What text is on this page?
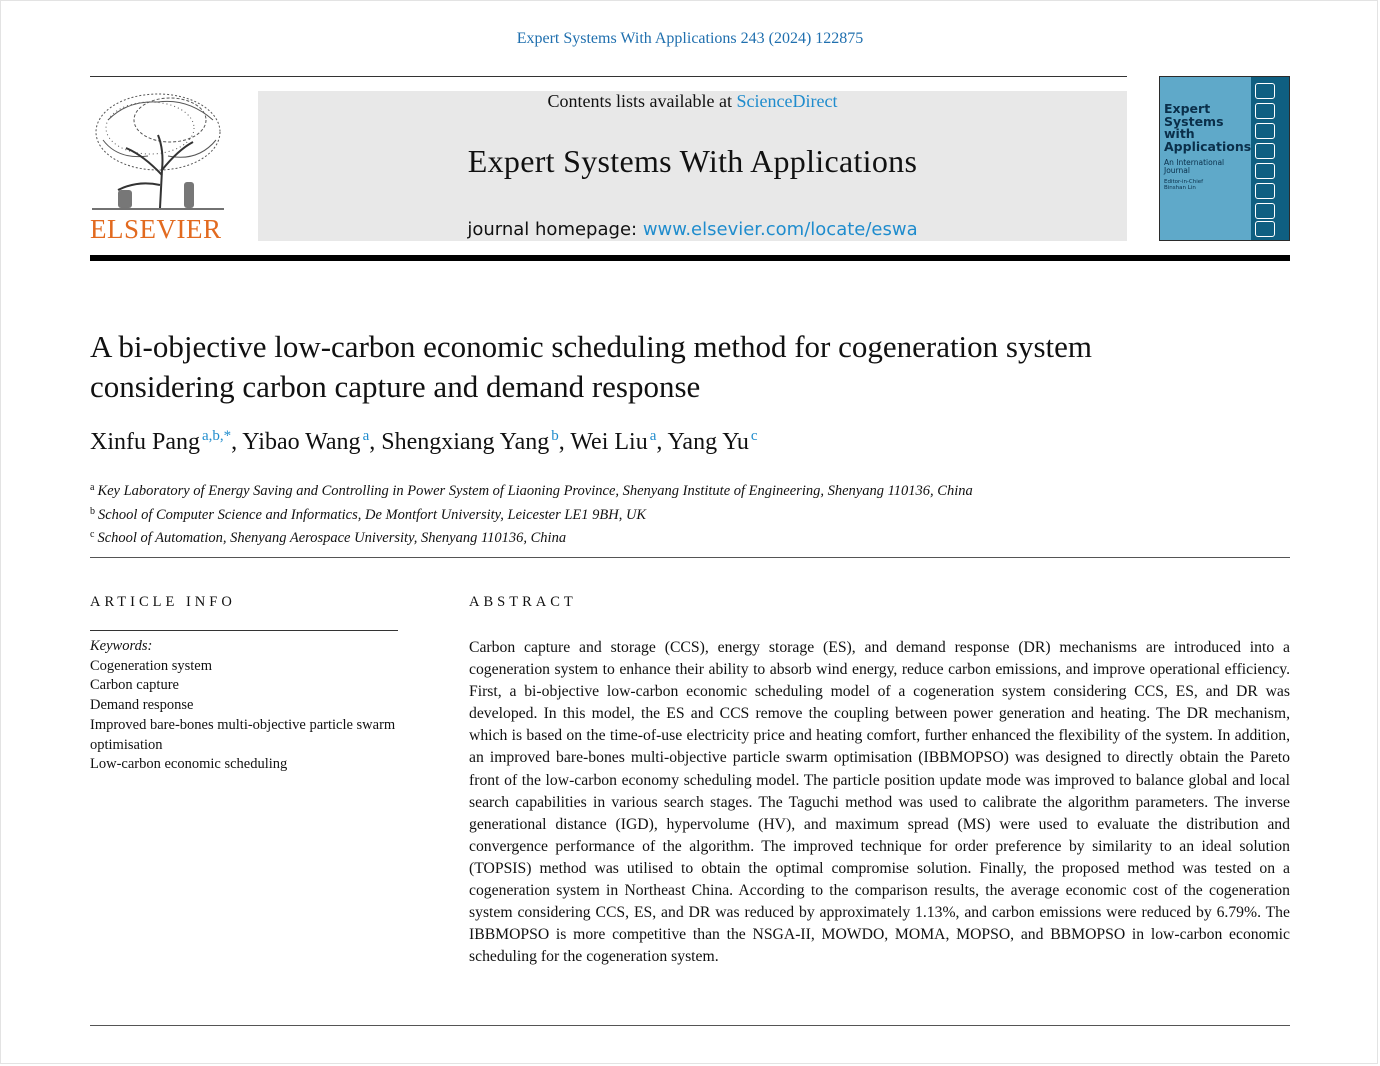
Expert Systems With Applications 243 (2024) 122875
ELSEVIER
Contents lists available at ScienceDirect
Expert Systems With Applications
journal homepage: www.elsevier.com/locate/eswa
Expert
Systems
with
Applications
An International
Journal
Editor-in-Chief
Binshan Lin
A bi-objective low-carbon economic scheduling method for cogeneration system considering carbon capture and demand response
Xinfu Pang $^{a,b,*}$, Yibao Wang $^a$, Shengxiang Yang $^b$, Wei Liu $^a$, Yang Yu $^c$
$^a$ Key Laboratory of Energy Saving and Controlling in Power System of Liaoning Province, Shenyang Institute of Engineering, Shenyang 110136, China
$^b$ School of Computer Science and Informatics, De Montfort University, Leicester LE1 9BH, UK
$^c$ School of Automation, Shenyang Aerospace University, Shenyang 110136, China
ARTICLE INFO	ABSTRACT
Keywords:
Cogeneration system
Carbon capture
Demand response
Improved bare-bones multi-objective particle swarm optimisation
Low-carbon economic scheduling
Carbon capture and storage (CCS), energy storage (ES), and demand response (DR) mechanisms are introduced into a cogeneration system to enhance their ability to absorb wind energy, reduce carbon emissions, and improve operational efficiency. First, a bi-objective low-carbon economic scheduling model of a cogeneration system considering CCS, ES, and DR was developed. In this model, the ES and CCS remove the coupling between power generation and heating. The DR mechanism, which is based on the time-of-use electricity price and heating comfort, further enhanced the flexibility of the system. In addition, an improved bare-bones multi-objective particle swarm optimisation (IBBMOPSO) was designed to directly obtain the Pareto front of the low-carbon economy scheduling model. The particle position update mode was improved to balance global and local search capabilities in various search stages. The Taguchi method was used to calibrate the algorithm parameters. The inverse generational distance (IGD), hypervolume (HV), and maximum spread (MS) were used to evaluate the distribution and convergence performance of the algorithm. The improved technique for order preference by similarity to an ideal solution (TOPSIS) method was utilised to obtain the optimal compromise solution. Finally, the proposed method was tested on a cogeneration system in Northeast China. According to the comparison results, the average economic cost of the cogeneration system considering CCS, ES, and DR was reduced by approximately 1.13%, and carbon emissions were reduced by 6.79%. The IBBMOPSO is more competitive than the NSGA-II, MOWDO, MOMA, MOPSO, and BBMOPSO in low-carbon economic scheduling for the cogeneration system.
